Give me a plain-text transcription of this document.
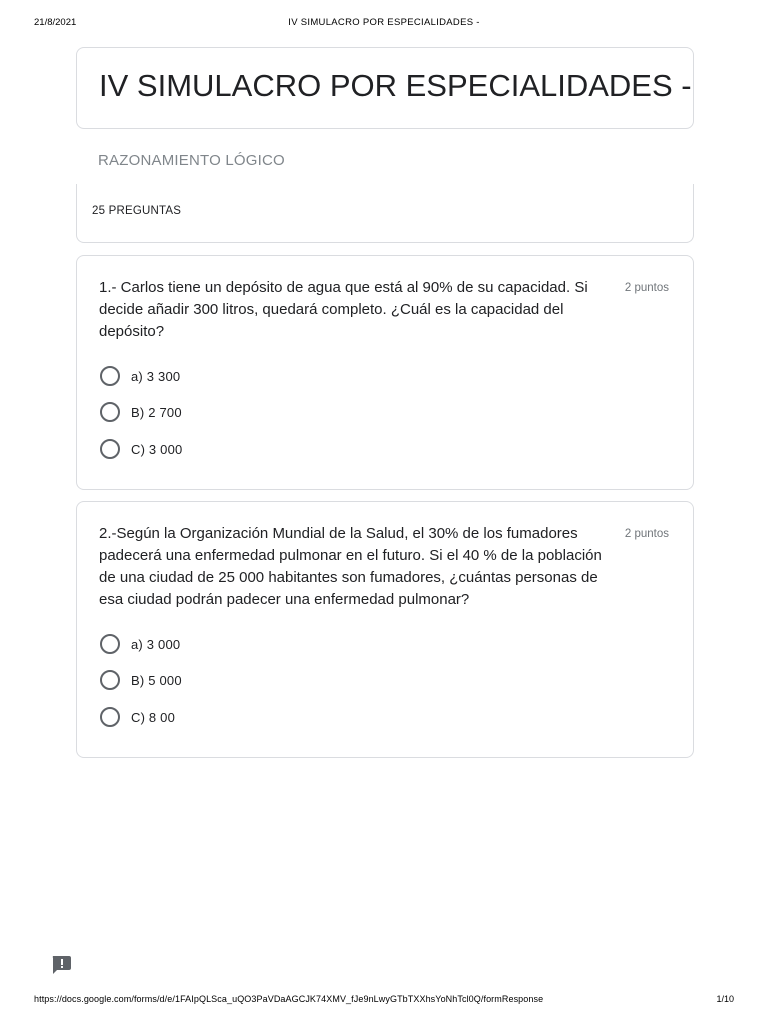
21/8/2021	IV SIMULACRO POR ESPECIALIDADES -
IV SIMULACRO POR ESPECIALIDADES -
RAZONAMIENTO LÓGICO
25 PREGUNTAS
1.- Carlos tiene un depósito de agua que está al 90% de su capacidad. Si decide añadir 300 litros, quedará completo. ¿Cuál es la capacidad del depósito?
2 puntos
a) 3 300
B) 2 700
C) 3 000
2.-Según la Organización Mundial de la Salud, el 30% de los fumadores padecerá una enfermedad pulmonar en el futuro. Si el 40 % de la población de una ciudad de 25 000 habitantes son fumadores, ¿cuántas personas de esa ciudad podrán padecer una enfermedad pulmonar?
2 puntos
a) 3 000
B) 5 000
C) 8 00
https://docs.google.com/forms/d/e/1FAIpQLSca_uQO3PaVDaAGCJK74XMV_fJe9nLwyGTbTXXhsYoNhTcl0Q/formResponse	1/10
